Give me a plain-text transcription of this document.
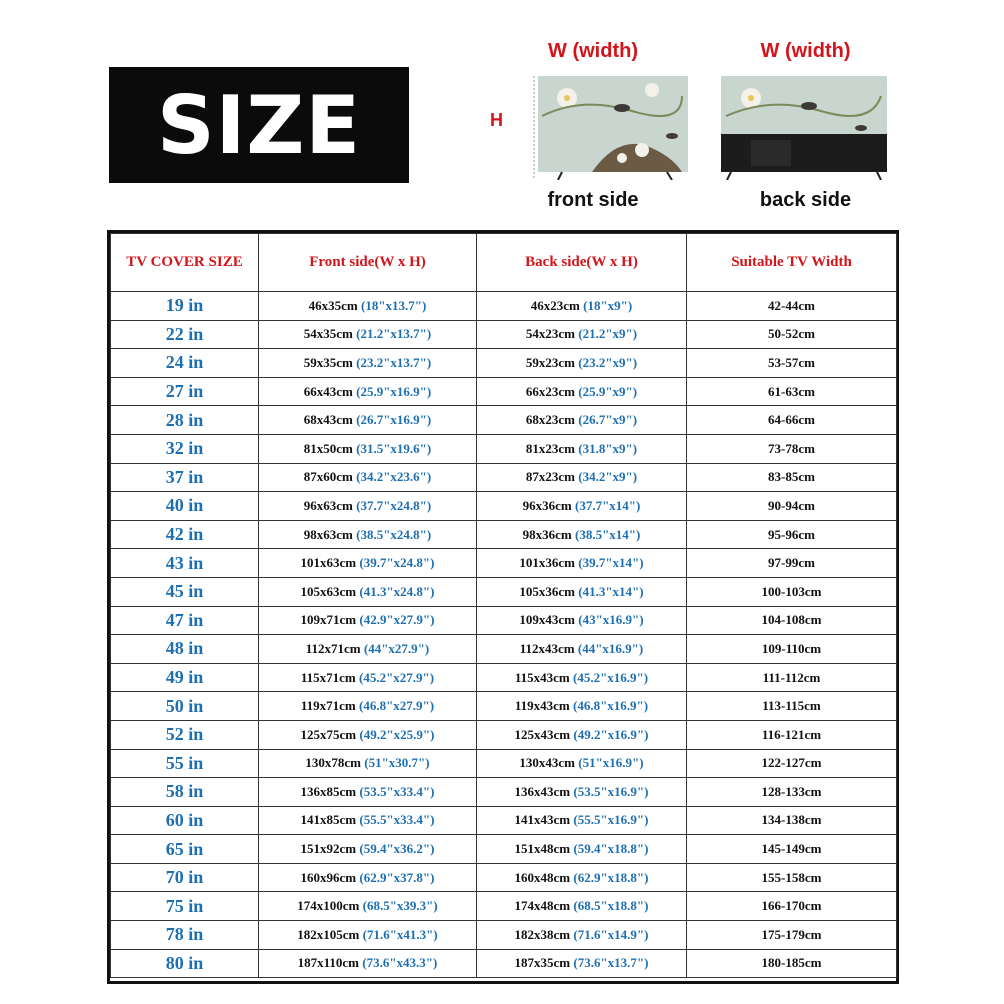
SIZE
W (width)
H
front side
W (width)
back side
TV COVER SIZE	Front side(W x H)	Back side(W x H)	Suitable TV Width
19 in	46x35cm (18"x13.7")	46x23cm (18"x9")	42-44cm
22 in	54x35cm (21.2"x13.7")	54x23cm (21.2"x9")	50-52cm
24 in	59x35cm (23.2"x13.7")	59x23cm (23.2"x9")	53-57cm
27 in	66x43cm (25.9"x16.9")	66x23cm (25.9"x9")	61-63cm
28 in	68x43cm (26.7"x16.9")	68x23cm (26.7"x9")	64-66cm
32 in	81x50cm (31.5"x19.6")	81x23cm (31.8"x9")	73-78cm
37 in	87x60cm (34.2"x23.6")	87x23cm (34.2"x9")	83-85cm
40 in	96x63cm (37.7"x24.8")	96x36cm (37.7"x14")	90-94cm
42 in	98x63cm (38.5"x24.8")	98x36cm (38.5"x14")	95-96cm
43 in	101x63cm (39.7"x24.8")	101x36cm (39.7"x14")	97-99cm
45 in	105x63cm (41.3"x24.8")	105x36cm (41.3"x14")	100-103cm
47 in	109x71cm (42.9"x27.9")	109x43cm (43"x16.9")	104-108cm
48 in	112x71cm (44"x27.9")	112x43cm (44"x16.9")	109-110cm
49 in	115x71cm (45.2"x27.9")	115x43cm (45.2"x16.9")	111-112cm
50 in	119x71cm (46.8"x27.9")	119x43cm (46.8"x16.9")	113-115cm
52 in	125x75cm (49.2"x25.9")	125x43cm (49.2"x16.9")	116-121cm
55 in	130x78cm (51"x30.7")	130x43cm (51"x16.9")	122-127cm
58 in	136x85cm (53.5"x33.4")	136x43cm (53.5"x16.9")	128-133cm
60 in	141x85cm (55.5"x33.4")	141x43cm (55.5"x16.9")	134-138cm
65 in	151x92cm (59.4"x36.2")	151x48cm (59.4"x18.8")	145-149cm
70 in	160x96cm (62.9"x37.8")	160x48cm (62.9"x18.8")	155-158cm
75 in	174x100cm (68.5"x39.3")	174x48cm (68.5"x18.8")	166-170cm
78 in	182x105cm (71.6"x41.3")	182x38cm (71.6"x14.9")	175-179cm
80 in	187x110cm (73.6"x43.3")	187x35cm (73.6"x13.7")	180-185cm
